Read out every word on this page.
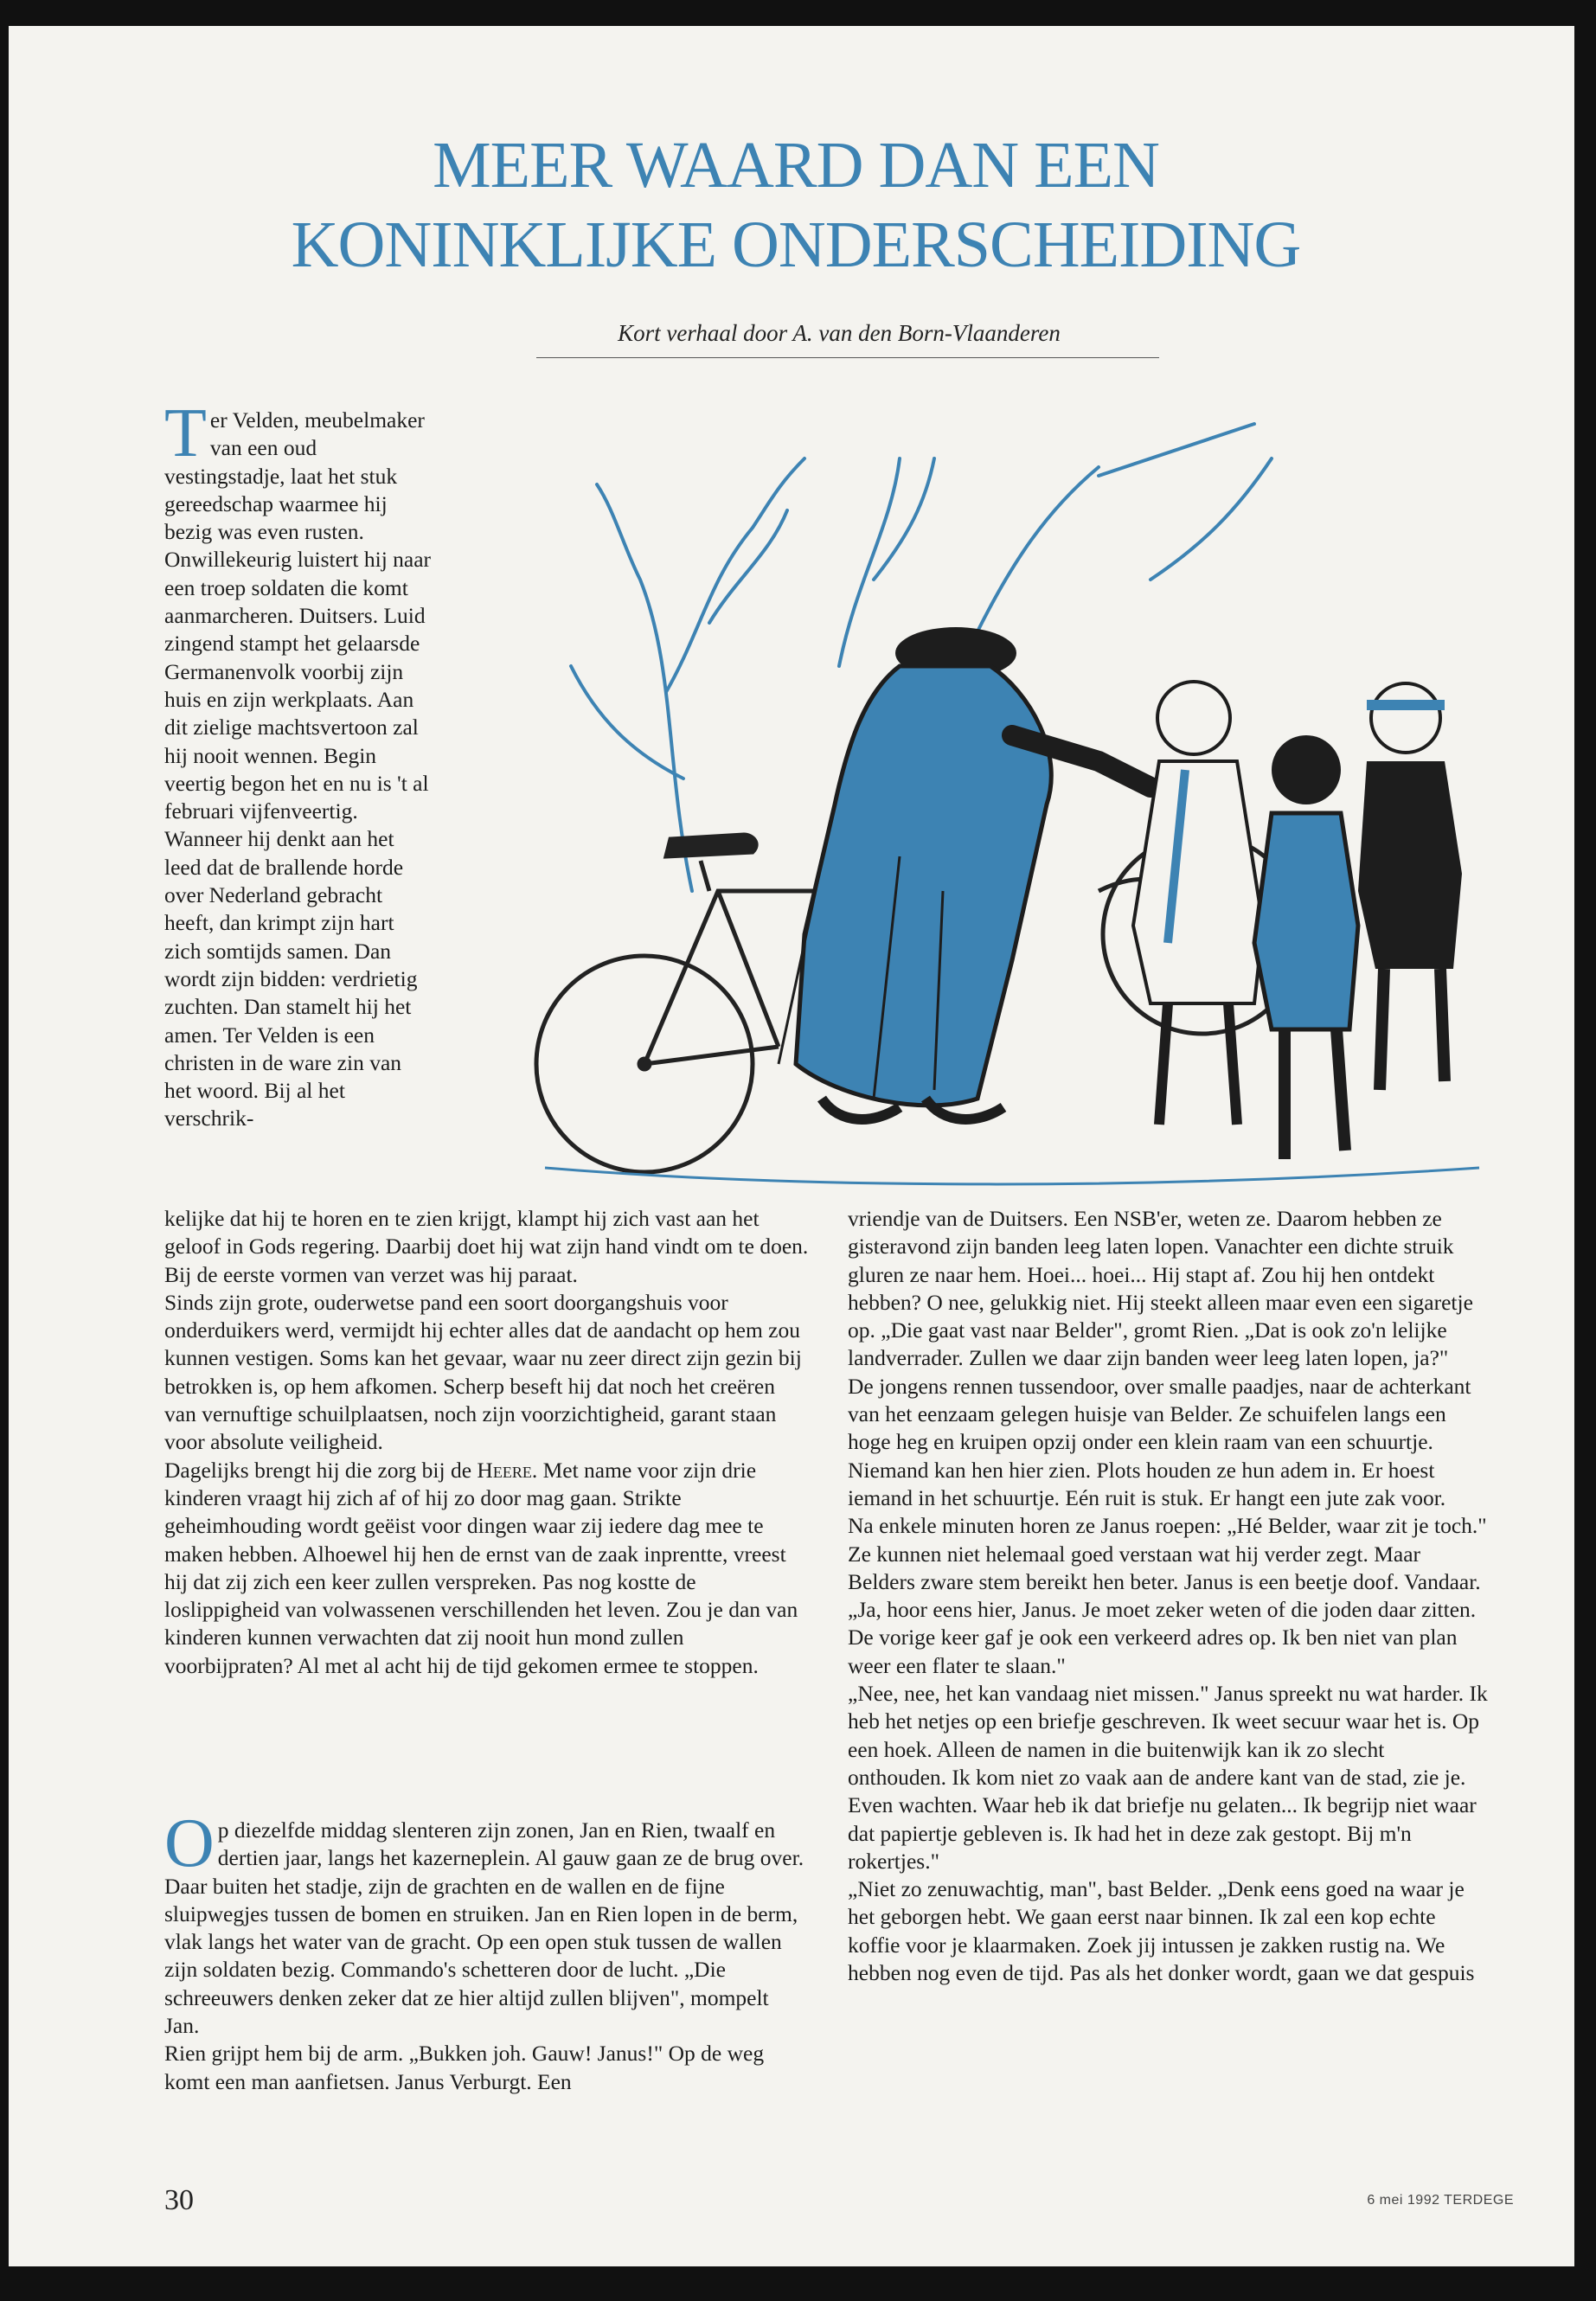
MEER WAARD DAN EEN
KONINKLIJKE ONDERSCHEIDING
Kort verhaal door A. van den Born-Vlaanderen

Ter Velden, meubelmaker van een oud vestingstadje, laat het stuk gereedschap waarmee hij bezig was even rusten. Onwillekeurig luistert hij naar een troep soldaten die komt aanmarcheren. Duitsers. Luid zingend stampt het gelaarsde Germanenvolk voorbij zijn huis en zijn werkplaats. Aan dit zielige machtsvertoon zal hij nooit wennen. Begin veertig begon het en nu is 't al februari vijfenveertig. Wanneer hij denkt aan het leed dat de brallende horde over Nederland gebracht heeft, dan krimpt zijn hart zich somtijds samen. Dan wordt zijn bidden: verdrietig zuchten. Dan stamelt hij het amen. Ter Velden is een christen in de ware zin van het woord. Bij al het verschrik-

kelijke dat hij te horen en te zien krijgt, klampt hij zich vast aan het geloof in Gods regering. Daarbij doet hij wat zijn hand vindt om te doen. Bij de eerste vormen van verzet was hij paraat.

Sinds zijn grote, ouderwetse pand een soort doorgangshuis voor onderduikers werd, vermijdt hij echter alles dat de aandacht op hem zou kunnen vestigen. Soms kan het gevaar, waar nu zeer direct zijn gezin bij betrokken is, op hem afkomen. Scherp beseft hij dat noch het creëren van vernuftige schuilplaatsen, noch zijn voorzichtigheid, garant staan voor absolute veiligheid.

Dagelijks brengt hij die zorg bij de Heere. Met name voor zijn drie kinderen vraagt hij zich af of hij zo door mag gaan. Strikte geheimhouding wordt geëist voor dingen waar zij iedere dag mee te maken hebben. Alhoewel hij hen de ernst van de zaak inprentte, vreest hij dat zij zich een keer zullen verspreken. Pas nog kostte de loslippigheid van volwassenen verschillenden het leven. Zou je dan van kinderen kunnen verwachten dat zij nooit hun mond zullen voorbijpraten? Al met al acht hij de tijd gekomen ermee te stoppen.

Op diezelfde middag slenteren zijn zonen, Jan en Rien, twaalf en dertien jaar, langs het kazerneplein. Al gauw gaan ze de brug over. Daar buiten het stadje, zijn de grachten en de wallen en de fijne sluipwegjes tussen de bomen en struiken. Jan en Rien lopen in de berm, vlak langs het water van de gracht. Op een open stuk tussen de wallen zijn soldaten bezig. Commando's schetteren door de lucht. „Die schreeuwers denken zeker dat ze hier altijd zullen blijven", mompelt Jan.

Rien grijpt hem bij de arm. „Bukken joh. Gauw! Janus!" Op de weg komt een man aanfietsen. Janus Verburgt. Een

vriendje van de Duitsers. Een NSB'er, weten ze. Daarom hebben ze gisteravond zijn banden leeg laten lopen. Vanachter een dichte struik gluren ze naar hem. Hoei... hoei... Hij stapt af. Zou hij hen ontdekt hebben? O nee, gelukkig niet. Hij steekt alleen maar even een sigaretje op. „Die gaat vast naar Belder", gromt Rien. „Dat is ook zo'n lelijke landverrader. Zullen we daar zijn banden weer leeg laten lopen, ja?"

De jongens rennen tussendoor, over smalle paadjes, naar de achterkant van het eenzaam gelegen huisje van Belder. Ze schuifelen langs een hoge heg en kruipen opzij onder een klein raam van een schuurtje. Niemand kan hen hier zien. Plots houden ze hun adem in. Er hoest iemand in het schuurtje. Eén ruit is stuk. Er hangt een jute zak voor.

Na enkele minuten horen ze Janus roepen: „Hé Belder, waar zit je toch." Ze kunnen niet helemaal goed verstaan wat hij verder zegt. Maar Belders zware stem bereikt hen beter. Janus is een beetje doof. Vandaar.

„Ja, hoor eens hier, Janus. Je moet zeker weten of die joden daar zitten. De vorige keer gaf je ook een verkeerd adres op. Ik ben niet van plan weer een flater te slaan."

„Nee, nee, het kan vandaag niet missen." Janus spreekt nu wat harder. Ik heb het netjes op een briefje geschreven. Ik weet secuur waar het is. Op een hoek. Alleen de namen in die buitenwijk kan ik zo slecht onthouden. Ik kom niet zo vaak aan de andere kant van de stad, zie je. Even wachten. Waar heb ik dat briefje nu gelaten... Ik begrijp niet waar dat papiertje gebleven is. Ik had het in deze zak gestopt. Bij m'n rokertjes."

„Niet zo zenuwachtig, man", bast Belder. „Denk eens goed na waar je het geborgen hebt. We gaan eerst naar binnen. Ik zal een kop echte koffie voor je klaarmaken. Zoek jij intussen je zakken rustig na. We hebben nog even de tijd. Pas als het donker wordt, gaan we dat gespuis

30	6 mei 1992 TERDEGE
